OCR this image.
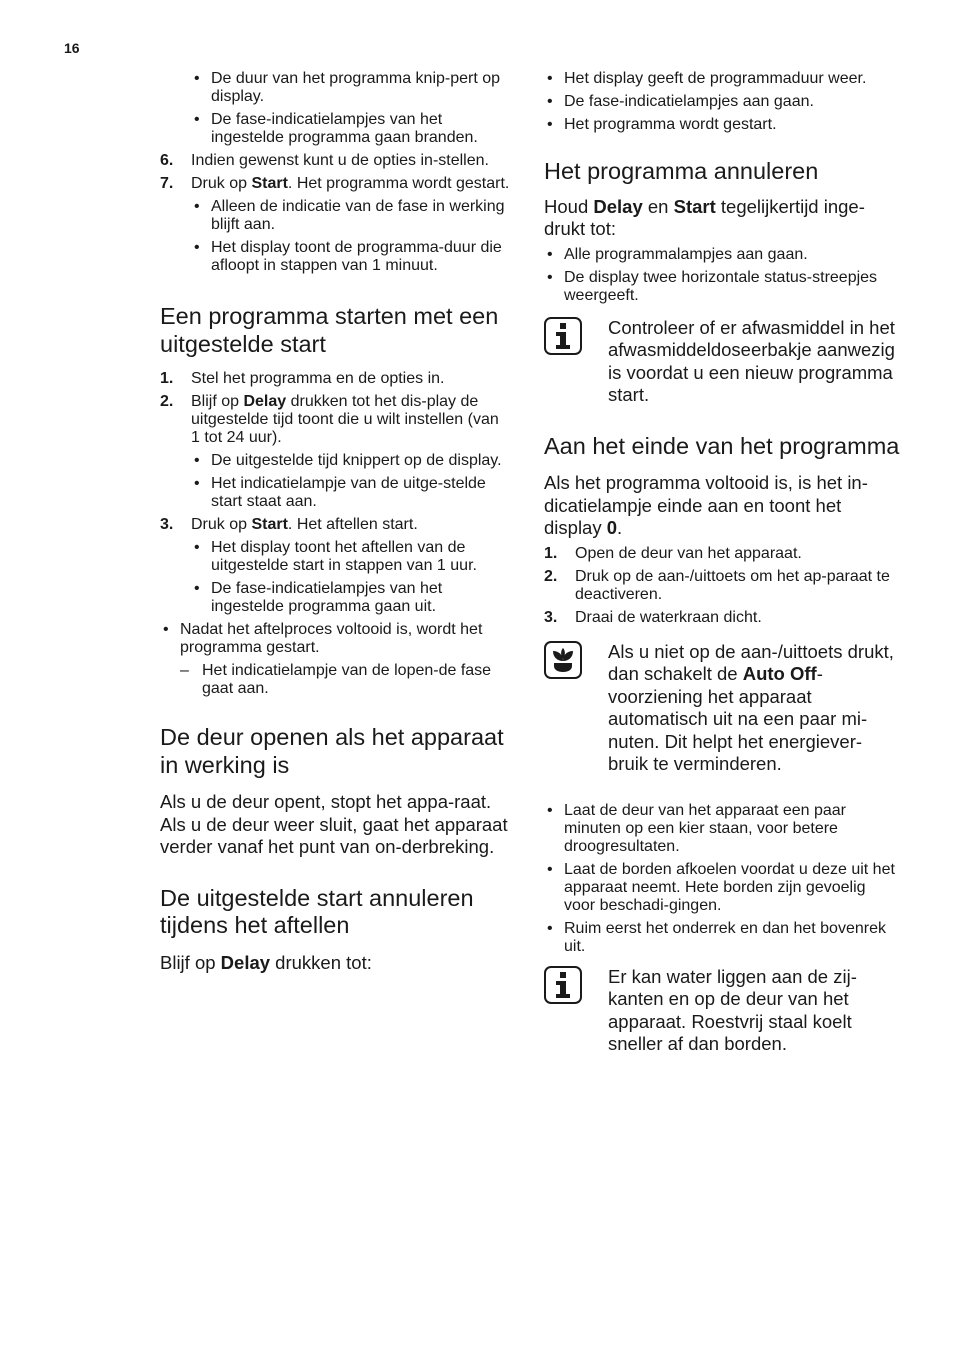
16
• De duur van het programma knip-pert op display.
• De fase-indicatielampjes van het ingestelde programma gaan branden.
6. Indien gewenst kunt u de opties in-stellen.
7. Druk op Start. Het programma wordt gestart.
• Alleen de indicatie van de fase in werking blijft aan.
• Het display toont de programma-duur die afloopt in stappen van 1 minuut.
Een programma starten met een uitgestelde start
1. Stel het programma en de opties in.
2. Blijf op Delay drukken tot het dis-play de uitgestelde tijd toont die u wilt instellen (van 1 tot 24 uur).
• De uitgestelde tijd knippert op de display.
• Het indicatielampje van de uitge-stelde start staat aan.
3. Druk op Start. Het aftellen start.
• Het display toont het aftellen van de uitgestelde start in stappen van 1 uur.
• De fase-indicatielampjes van het ingestelde programma gaan uit.
• Nadat het aftelproces voltooid is, wordt het programma gestart.
– Het indicatielampje van de lopen-de fase gaat aan.
De deur openen als het apparaat in werking is

Als u de deur opent, stopt het appa-raat. Als u de deur weer sluit, gaat het apparaat verder vanaf het punt van on-derbreking.

De uitgestelde start annuleren tijdens het aftellen

Blijf op Delay drukken tot:

• Het display geeft de programmaduur weer.
• De fase-indicatielampjes aan gaan.
• Het programma wordt gestart.
Het programma annuleren

Houd Delay en Start tegelijkertijd inge-drukt tot:

• Alle programmalampjes aan gaan.
• De display twee horizontale status-streepjes weergeeft.

Controleer of er afwasmiddel in het afwasmiddeldoseerbakje aanwezig is voordat u een nieuw programma start.

Aan het einde van het programma

Als het programma voltooid is, is het in-dicatielampje einde aan en toont het display 0.

1. Open de deur van het apparaat.
2. Druk op de aan-/uittoets om het ap-paraat te deactiveren.
3. Draai de waterkraan dicht.

Als u niet op de aan-/uittoets drukt, dan schakelt de Auto Off-voorziening het apparaat automatisch uit na een paar mi-nuten. Dit helpt het energiever-bruik te verminderen.

• Laat de deur van het apparaat een paar minuten op een kier staan, voor betere droogresultaten.
• Laat de borden afkoelen voordat u deze uit het apparaat neemt. Hete borden zijn gevoelig voor beschadi-gingen.
• Ruim eerst het onderrek en dan het bovenrek uit.

Er kan water liggen aan de zij-kanten en op de deur van het apparaat. Roestvrij staal koelt sneller af dan borden.
